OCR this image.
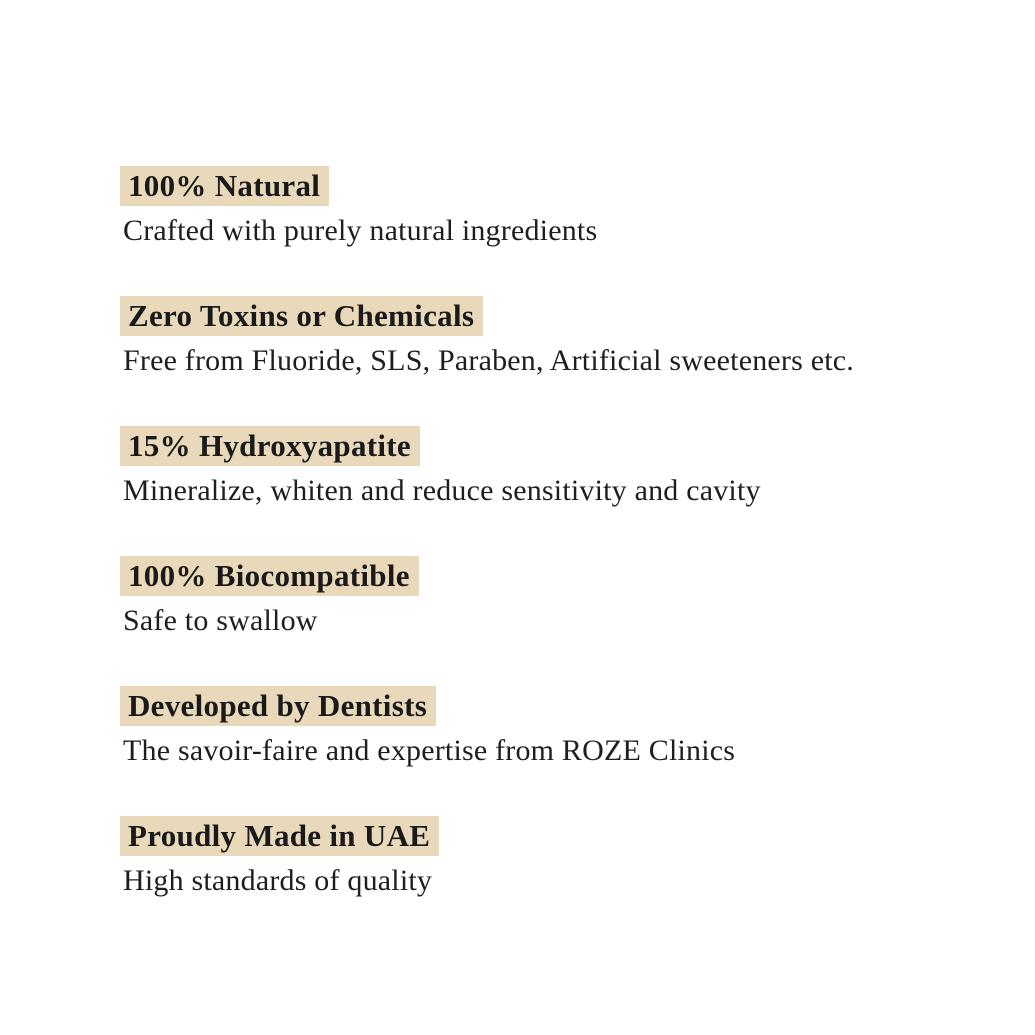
100% Natural

Crafted with purely natural ingredients

Zero Toxins or Chemicals

Free from Fluoride, SLS, Paraben, Artificial sweeteners etc.

15% Hydroxyapatite

Mineralize, whiten and reduce sensitivity and cavity

100% Biocompatible

Safe to swallow

Developed by Dentists

The savoir-faire and expertise from ROZE Clinics

Proudly Made in UAE

High standards of quality
